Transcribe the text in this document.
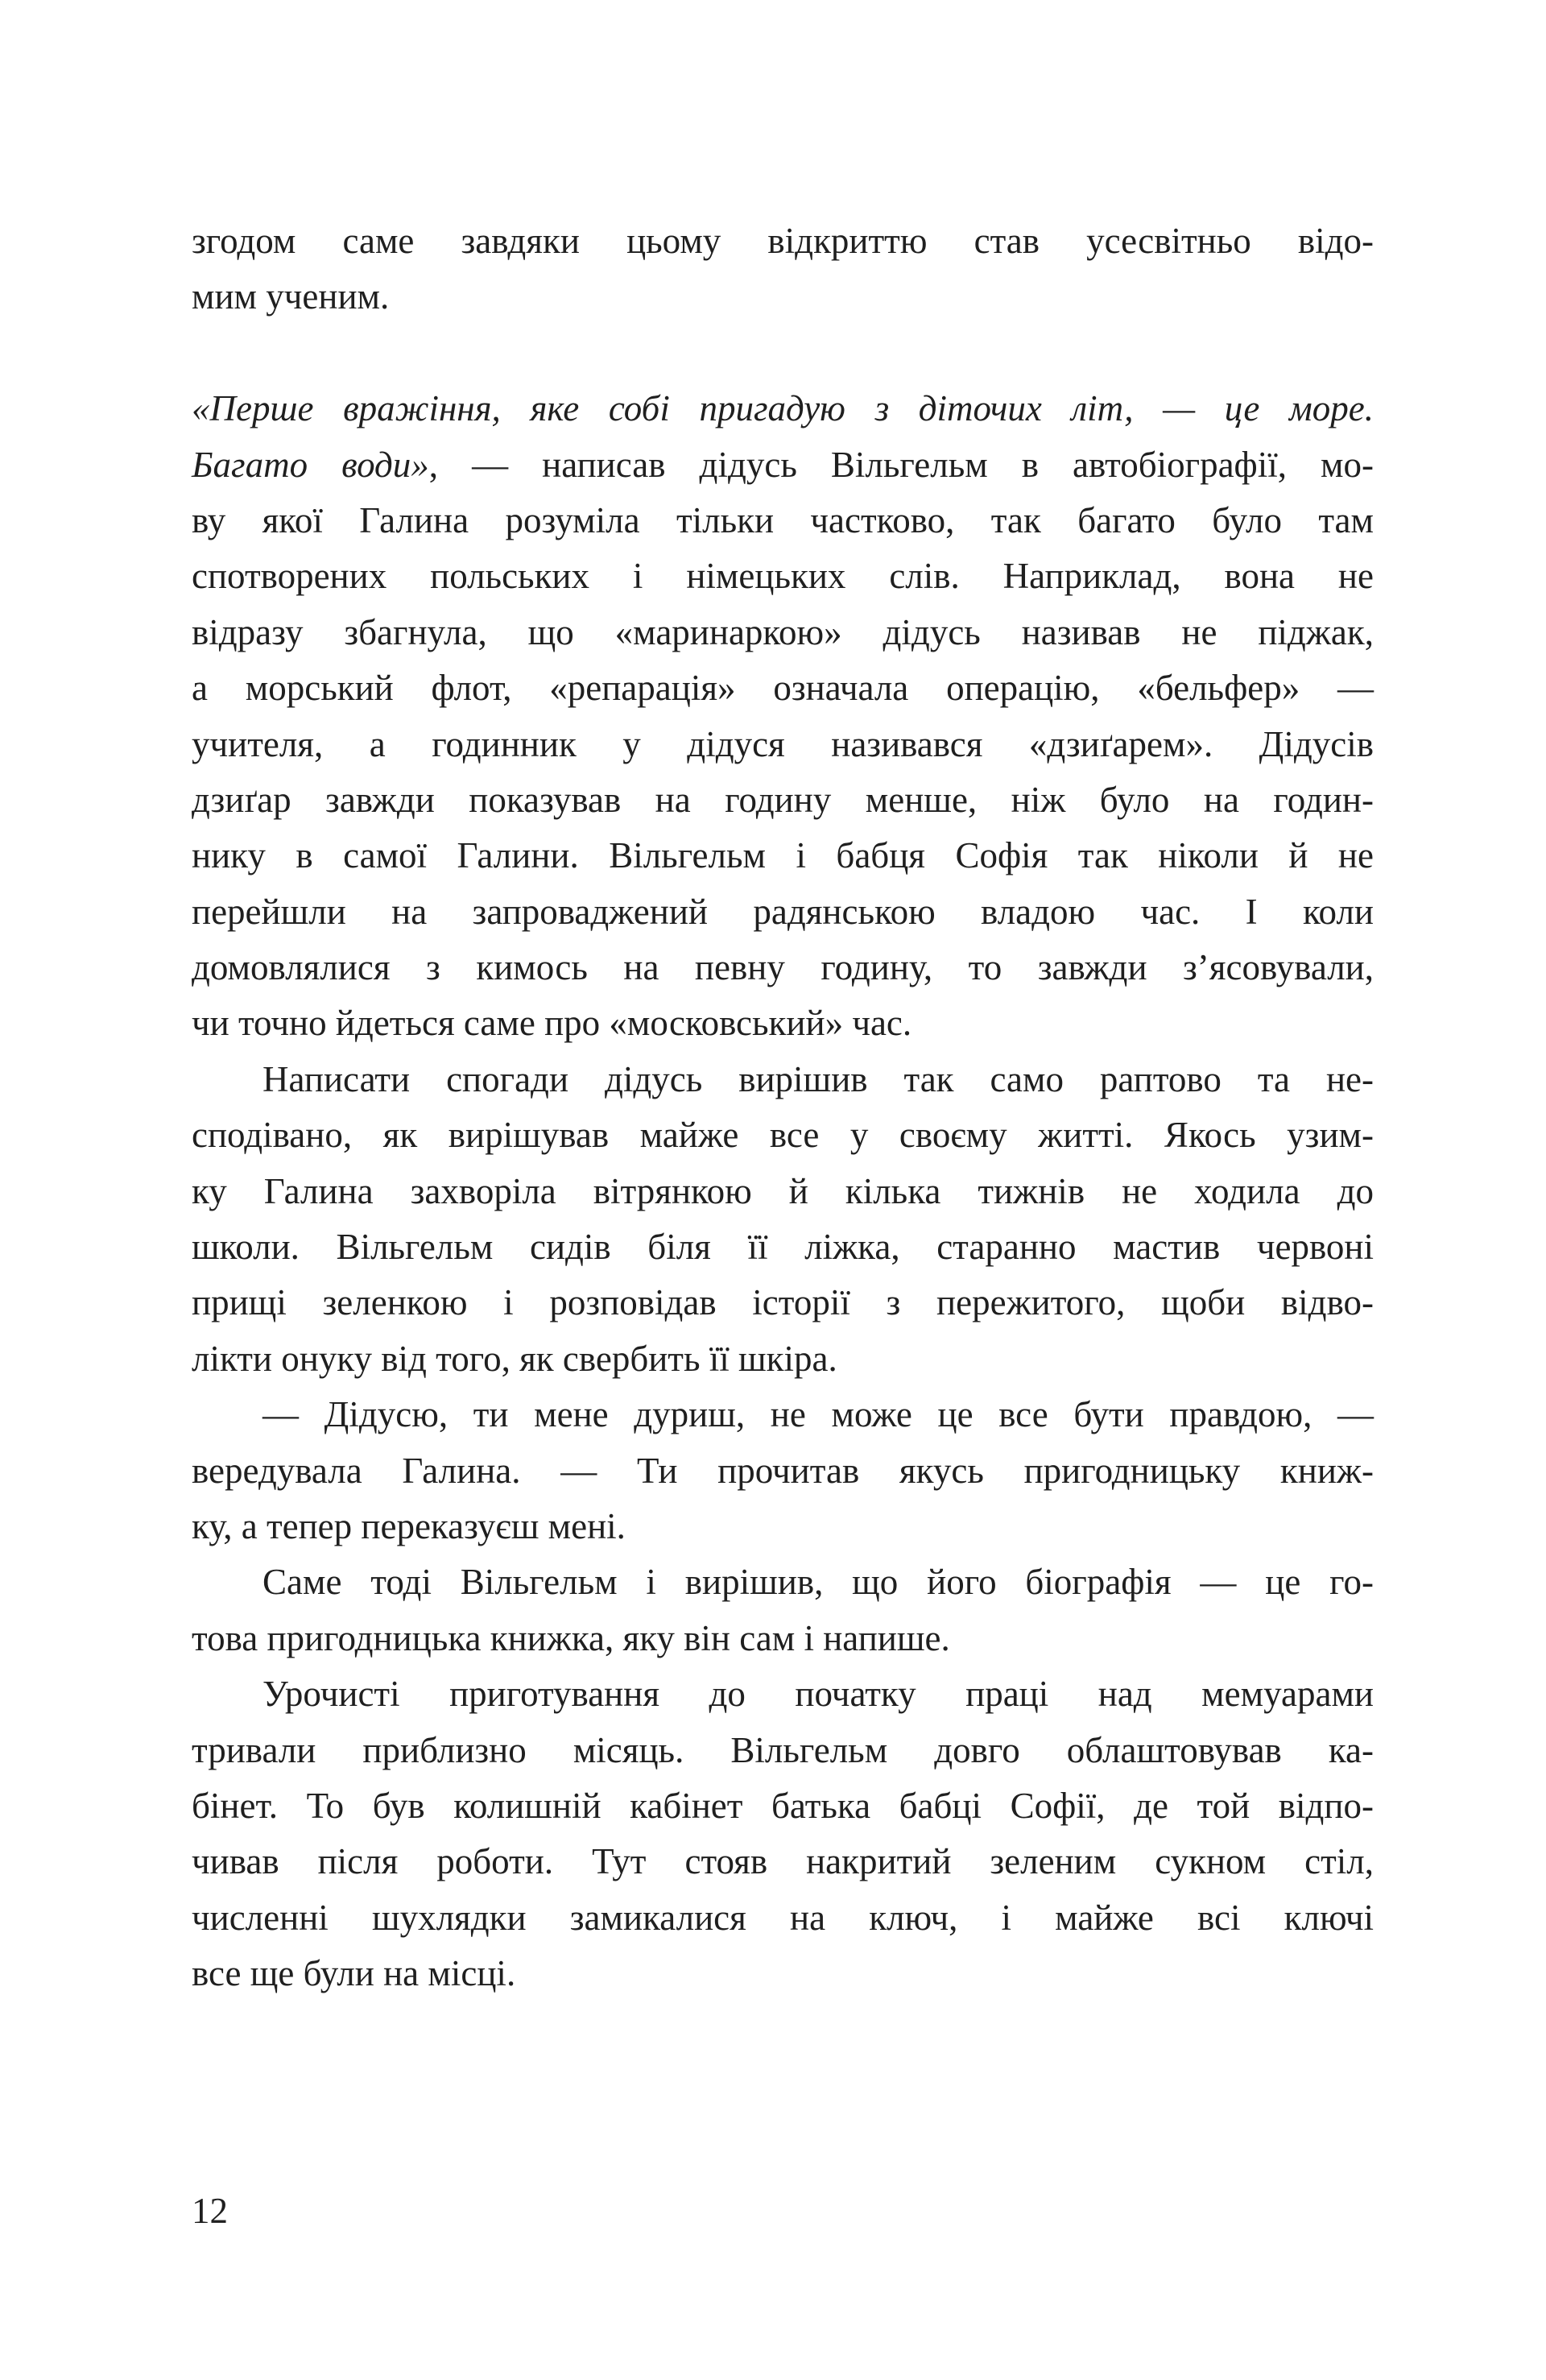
згодом саме завдяки цьому відкриттю став усесвітньо відо-
мим ученим.
«Перше вражіння, яке собі пригадую з діточих літ, — це море.
Багато води», — написав дідусь Вільгельм в автобіографії, мо-
ву якої Галина розуміла тільки частково, так багато було там
спотворених польських і німецьких слів. Наприклад, вона не
відразу збагнула, що «маринаркою» дідусь називав не піджак,
а морський флот, «репарація» означала операцію, «бельфер» —
учителя, а годинник у дідуся називався «дзиґарем». Дідусів
дзиґар завжди показував на годину менше, ніж було на годин-
нику в самої Галини. Вільгельм і бабця Софія так ніколи й не
перейшли на запроваджений радянською владою час. І коли
домовлялися з кимось на певну годину, то завжди з’ясовували,
чи точно йдеться саме про «московський» час.
Написати спогади дідусь вирішив так само раптово та не-
сподівано, як вирішував майже все у своєму житті. Якось узим-
ку Галина захворіла вітрянкою й кілька тижнів не ходила до
школи. Вільгельм сидів біля її ліжка, старанно мастив червоні
прищі зеленкою і розповідав історії з пережитого, щоби відво-
лікти онуку від того, як свербить її шкіра.
— Дідусю, ти мене дуриш, не може це все бути правдою, —
вередувала Галина. — Ти прочитав якусь пригодницьку книж-
ку, а тепер переказуєш мені.
Саме тоді Вільгельм і вирішив, що його біографія — це го-
това пригодницька книжка, яку він сам і напише.
Урочисті приготування до початку праці над мемуарами
тривали приблизно місяць. Вільгельм довго облаштовував ка-
бінет. То був колишній кабінет батька бабці Софії, де той відпо-
чивав після роботи. Тут стояв накритий зеленим сукном стіл,
численні шухлядки замикалися на ключ, і майже всі ключі
все ще були на місці.
12
